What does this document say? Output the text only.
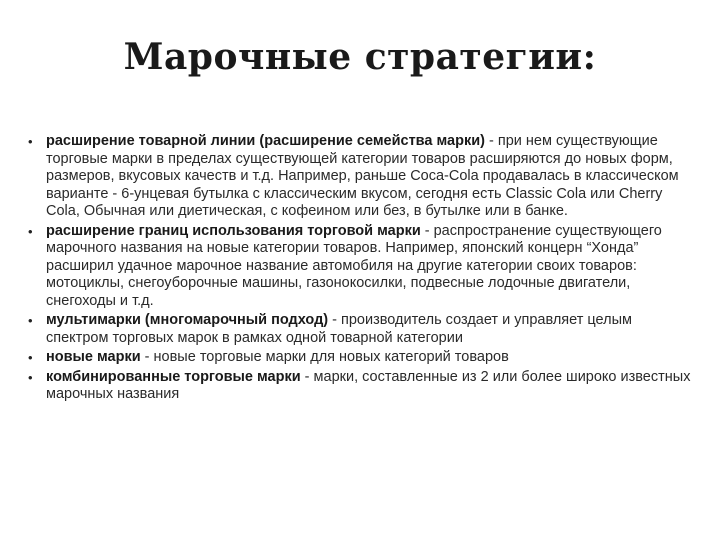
Марочные стратегии:
• расширение товарной линии (расширение семейства марки) - при нем существующие торговые марки в пределах существующей категории товаров расширяются до новых форм, размеров, вкусовых качеств и т.д. Например, раньше Coca-Cola продавалась в классическом варианте - 6-унцевая бутылка с классическим вкусом, сегодня есть Classic Cola или Cherry Cola, Обычная или диетическая, с кофеином или без, в бутылке или в банке.
• расширение границ использования торговой марки - распространение существующего марочного названия на новые категории товаров. Например, японский концерн “Хонда” расширил удачное марочное название автомобиля на другие категории своих товаров: мотоциклы, снегоуборочные машины, газонокосилки, подвесные лодочные двигатели, снегоходы и т.д.
• мультимарки (многомарочный подход) - производитель создает и управляет целым спектром торговых марок в рамках одной товарной категории
• новые марки - новые торговые марки для новых категорий товаров
• комбинированные торговые марки - марки, составленные из 2 или более широко известных марочных названия
